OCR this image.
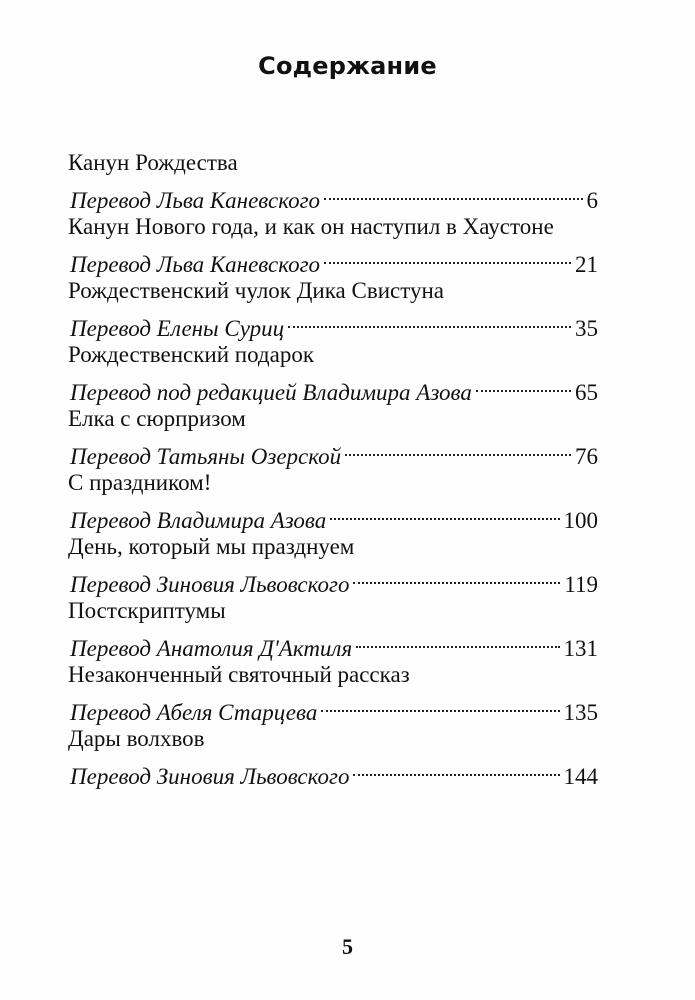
Содержание
Канун Рождества
Перевод Льва Каневского	6
Канун Нового года, и как он наступил в Хаустоне
Перевод Льва Каневского	21
Рождественский чулок Дика Свистуна
Перевод Елены Суриц	35
Рождественский подарок
Перевод под редакцией Владимира Азова	65
Елка с сюрпризом
Перевод Татьяны Озерской	76
С праздником!
Перевод Владимира Азова	100
День, который мы празднуем
Перевод Зиновия Львовского	119
Постскриптумы
Перевод Анатолия Д'Актиля	131
Незаконченный святочный рассказ
Перевод Абеля Старцева	135
Дары волхвов
Перевод Зиновия Львовского	144
5
